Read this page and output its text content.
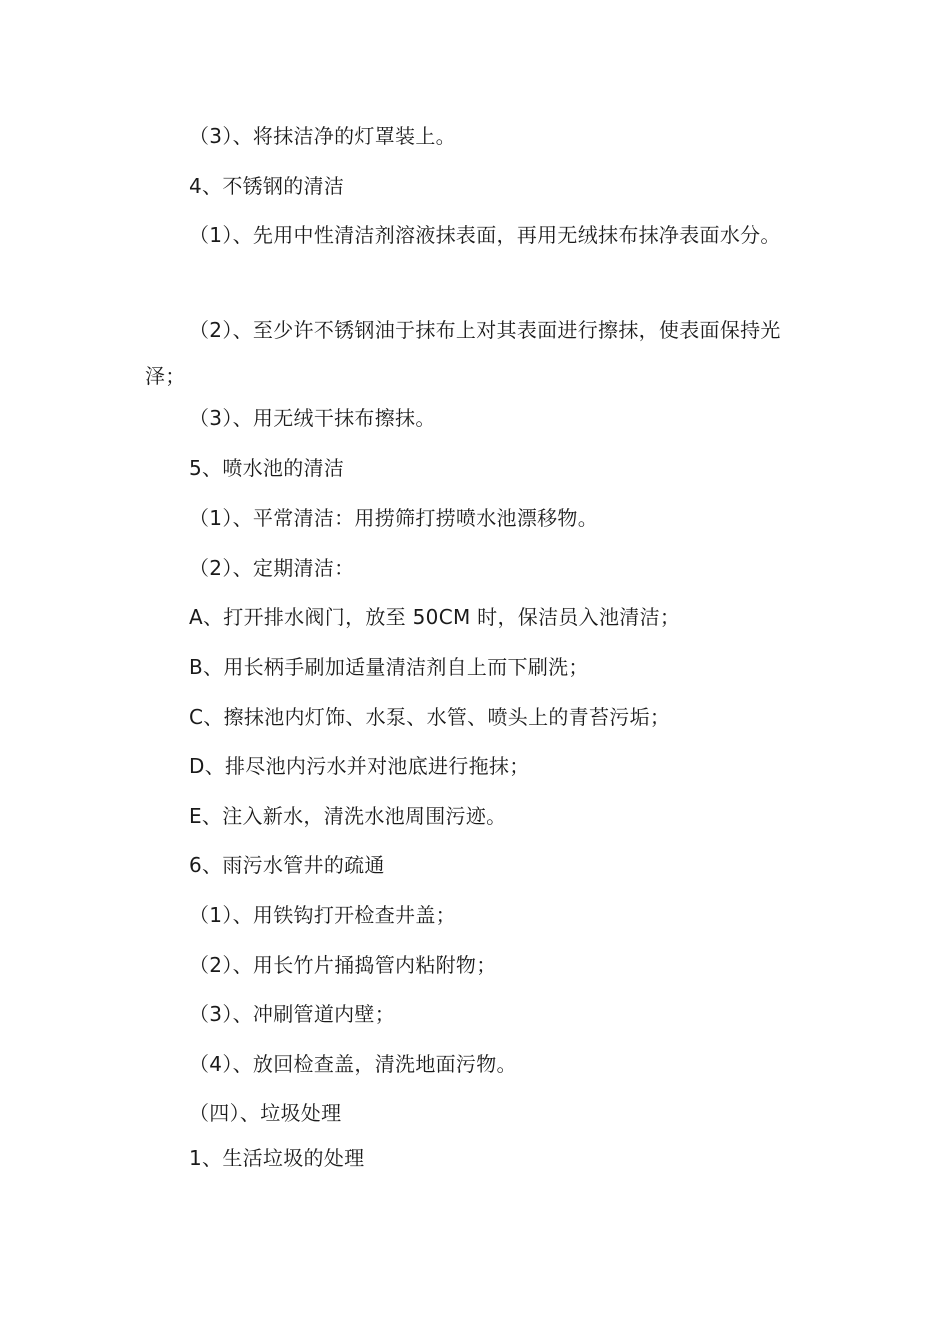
（3）、将抹洁净的灯罩装上。
4、不锈钢的清洁
（1）、先用中性清洁剂溶液抹表面，再用无绒抹布抹净表面水分。
（2）、至少许不锈钢油于抹布上对其表面进行擦抹，使表面保持光泽；
（3）、用无绒干抹布擦抹。
5、喷水池的清洁
（1）、平常清洁：用捞筛打捞喷水池漂移物。
（2）、定期清洁：
A、打开排水阀门，放至 50CM 时，保洁员入池清洁；
B、用长柄手刷加适量清洁剂自上而下刷洗；
C、擦抹池内灯饰、水泵、水管、喷头上的青苔污垢；
D、排尽池内污水并对池底进行拖抹；
E、注入新水，清洗水池周围污迹。
6、雨污水管井的疏通
（1）、用铁钩打开检查井盖；
（2）、用长竹片捅捣管内粘附物；
（3）、冲刷管道内壁；
（4）、放回检查盖，清洗地面污物。
（四）、垃圾处理
1、生活垃圾的处理
